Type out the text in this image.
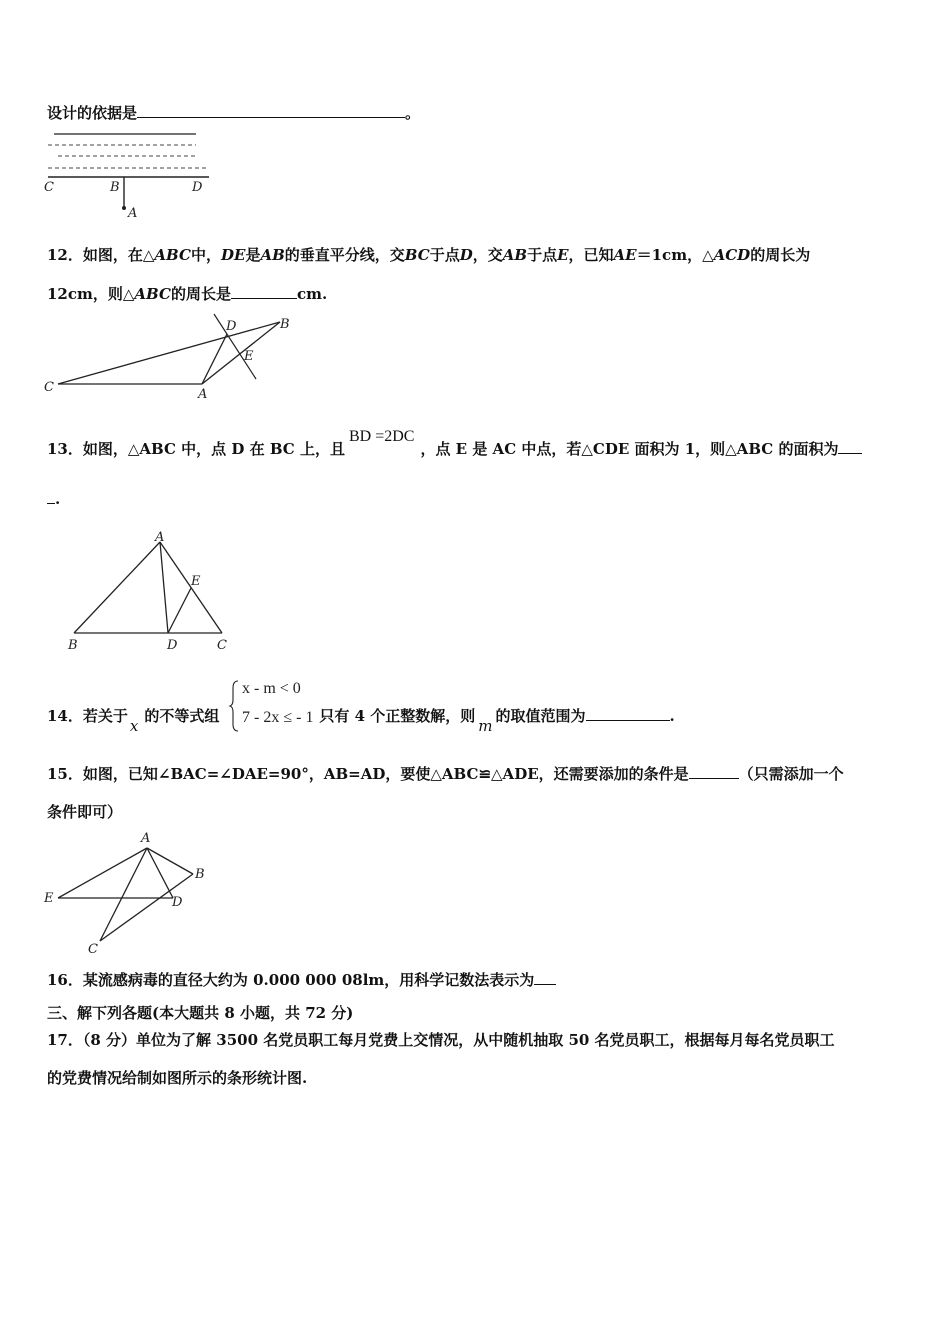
设计的依据是	。
C	B	D
A
12．如图，在△ABC中，DE是AB的垂直平分线，交BC于点D，交AB于点E，已知AE＝1cm，△ACD的周长为
12cm，则△ABC的周长是	cm.
C	A
D	B
E
13．如图，△ABC 中，点 D 在 BC 上，且BD =2DC，点 E 是 AC 中点，若△CDE 面积为 1，则△ABC 的面积为
.
A
E
B	D	C
14．若关于x的不等式组	只有 4 个正整数解，则m的取值范围为	.
x - m < 0
7 - 2x ≤ - 1
15．如图，已知∠BAC=∠DAE=90°，AB=AD，要使△ABC≌△ADE，还需要添加的条件是	（只需添加一个
条件即可）
A
B
E	D
C
16．某流感病毒的直径大约为 0.000 000 08lm，用科学记数法表示为
三、解下列各题(本大题共 8 小题，共 72 分)
17．（8 分）单位为了解 3500 名党员职工每月党费上交情况，从中随机抽取 50 名党员职工，根据每月每名党员职工
的党费情况给制如图所示的条形统计图.
